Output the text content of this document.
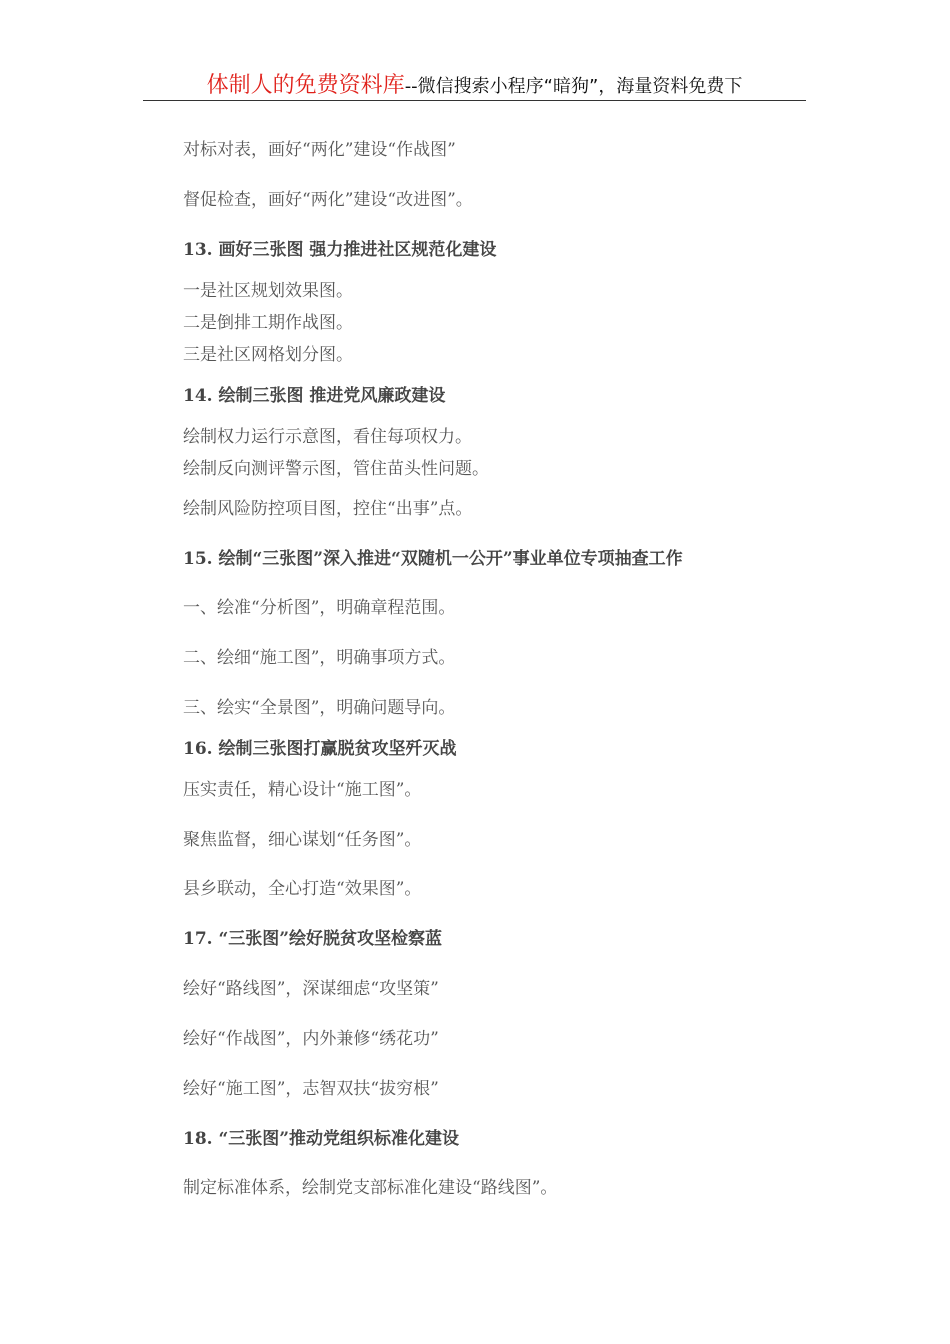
体制人的免费资料库--微信搜索小程序“暗狗”，海量资料免费下
对标对表，画好“两化”建设“作战图”
督促检查，画好“两化”建设“改进图”。
13. 画好三张图 强力推进社区规范化建设
一是社区规划效果图。
二是倒排工期作战图。
三是社区网格划分图。
14. 绘制三张图 推进党风廉政建设
绘制权力运行示意图，看住每项权力。
绘制反向测评警示图，管住苗头性问题。
绘制风险防控项目图，控住“出事”点。
15. 绘制“三张图”深入推进“双随机一公开”事业单位专项抽查工作
一、绘准“分析图”，明确章程范围。
二、绘细“施工图”，明确事项方式。
三、绘实“全景图”，明确问题导向。
16. 绘制三张图打赢脱贫攻坚歼灭战
压实责任，精心设计“施工图”。
聚焦监督，细心谋划“任务图”。
县乡联动，全心打造“效果图”。
17. “三张图”绘好脱贫攻坚检察蓝
绘好“路线图”，深谋细虑“攻坚策”
绘好“作战图”，内外兼修“绣花功”
绘好“施工图”，志智双扶“拔穷根”
18. “三张图”推动党组织标准化建设
制定标准体系，绘制党支部标准化建设“路线图”。
